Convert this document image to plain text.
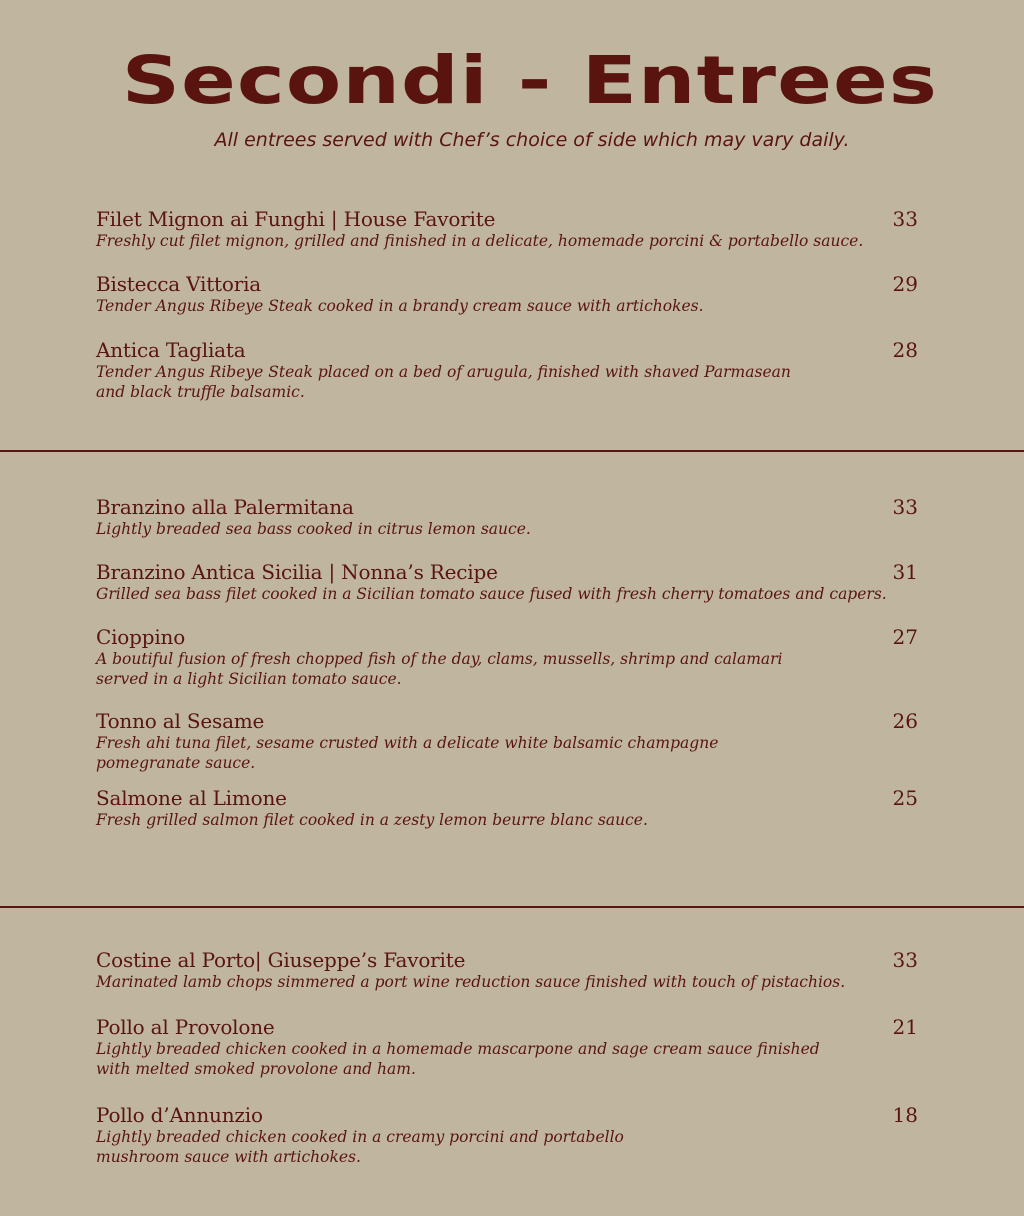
Secondi - Entrees
All entrees served with Chef’s choice of side which may vary daily.
Filet Mignon ai Funghi | House Favorite	33
Freshly cut filet mignon, grilled and finished in a delicate, homemade porcini & portabello sauce.
Bistecca Vittoria	29
Tender Angus Ribeye Steak cooked in a brandy cream sauce with artichokes.
Antica Tagliata	28
Tender Angus Ribeye Steak placed on a bed of arugula, finished with shaved Parmasean
and black truffle balsamic.
Branzino alla Palermitana	33
Lightly breaded sea bass cooked in citrus lemon sauce.
Branzino Antica Sicilia | Nonna’s Recipe	31
Grilled sea bass filet cooked in a Sicilian tomato sauce fused with fresh cherry tomatoes and capers.
Cioppino	27
A boutiful fusion of fresh chopped fish of the day, clams, mussells, shrimp and calamari
served in a light Sicilian tomato sauce.
Tonno al Sesame	26
Fresh ahi tuna filet, sesame crusted with a delicate white balsamic champagne
pomegranate sauce.
Salmone al Limone	25
Fresh grilled salmon filet cooked in a zesty lemon beurre blanc sauce.
Costine al Porto| Giuseppe’s Favorite	33
Marinated lamb chops simmered a port wine reduction sauce finished with touch of pistachios.
Pollo al Provolone	21
Lightly breaded chicken cooked in a homemade mascarpone and sage cream sauce finished
with melted smoked provolone and ham.
Pollo d’Annunzio	18
Lightly breaded chicken cooked in a creamy porcini and portabello
mushroom sauce with artichokes.
